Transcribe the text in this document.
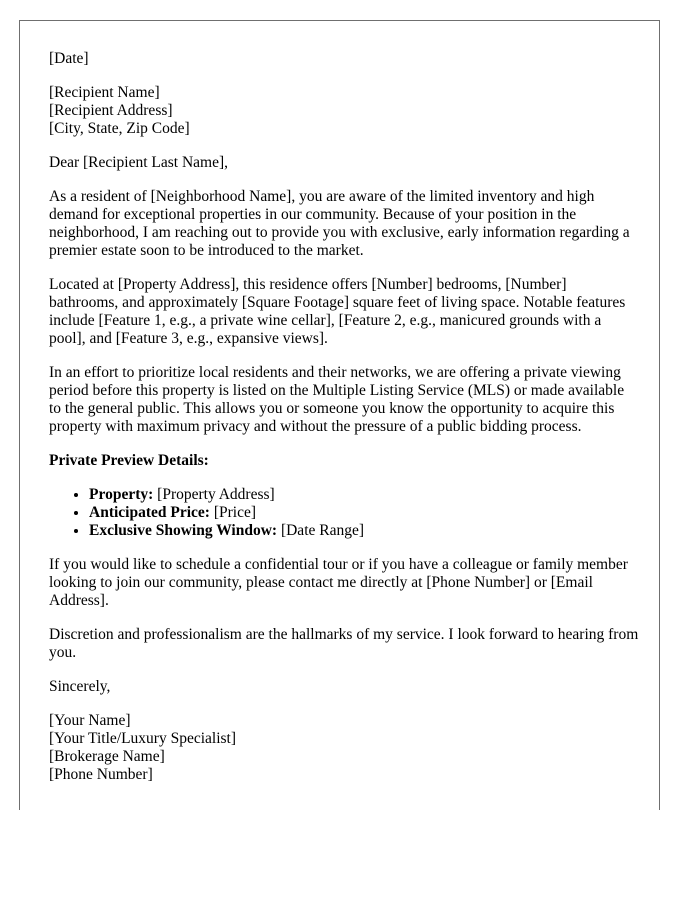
[Date]

[Recipient Name]
[Recipient Address]
[City, State, Zip Code]

Dear [Recipient Last Name],

As a resident of [Neighborhood Name], you are aware of the limited inventory and high demand for exceptional properties in our community. Because of your position in the neighborhood, I am reaching out to provide you with exclusive, early information regarding a premier estate soon to be introduced to the market.

Located at [Property Address], this residence offers [Number] bedrooms, [Number] bathrooms, and approximately [Square Footage] square feet of living space. Notable features include [Feature 1, e.g., a private wine cellar], [Feature 2, e.g., manicured grounds with a pool], and [Feature 3, e.g., expansive views].

In an effort to prioritize local residents and their networks, we are offering a private viewing period before this property is listed on the Multiple Listing Service (MLS) or made available to the general public. This allows you or someone you know the opportunity to acquire this property with maximum privacy and without the pressure of a public bidding process.

Private Preview Details:
• Property: [Property Address]
• Anticipated Price: [Price]
• Exclusive Showing Window: [Date Range]

If you would like to schedule a confidential tour or if you have a colleague or family member looking to join our community, please contact me directly at [Phone Number] or [Email Address].

Discretion and professionalism are the hallmarks of my service. I look forward to hearing from you.

Sincerely,

[Your Name]
[Your Title/Luxury Specialist]
[Brokerage Name]
[Phone Number]
